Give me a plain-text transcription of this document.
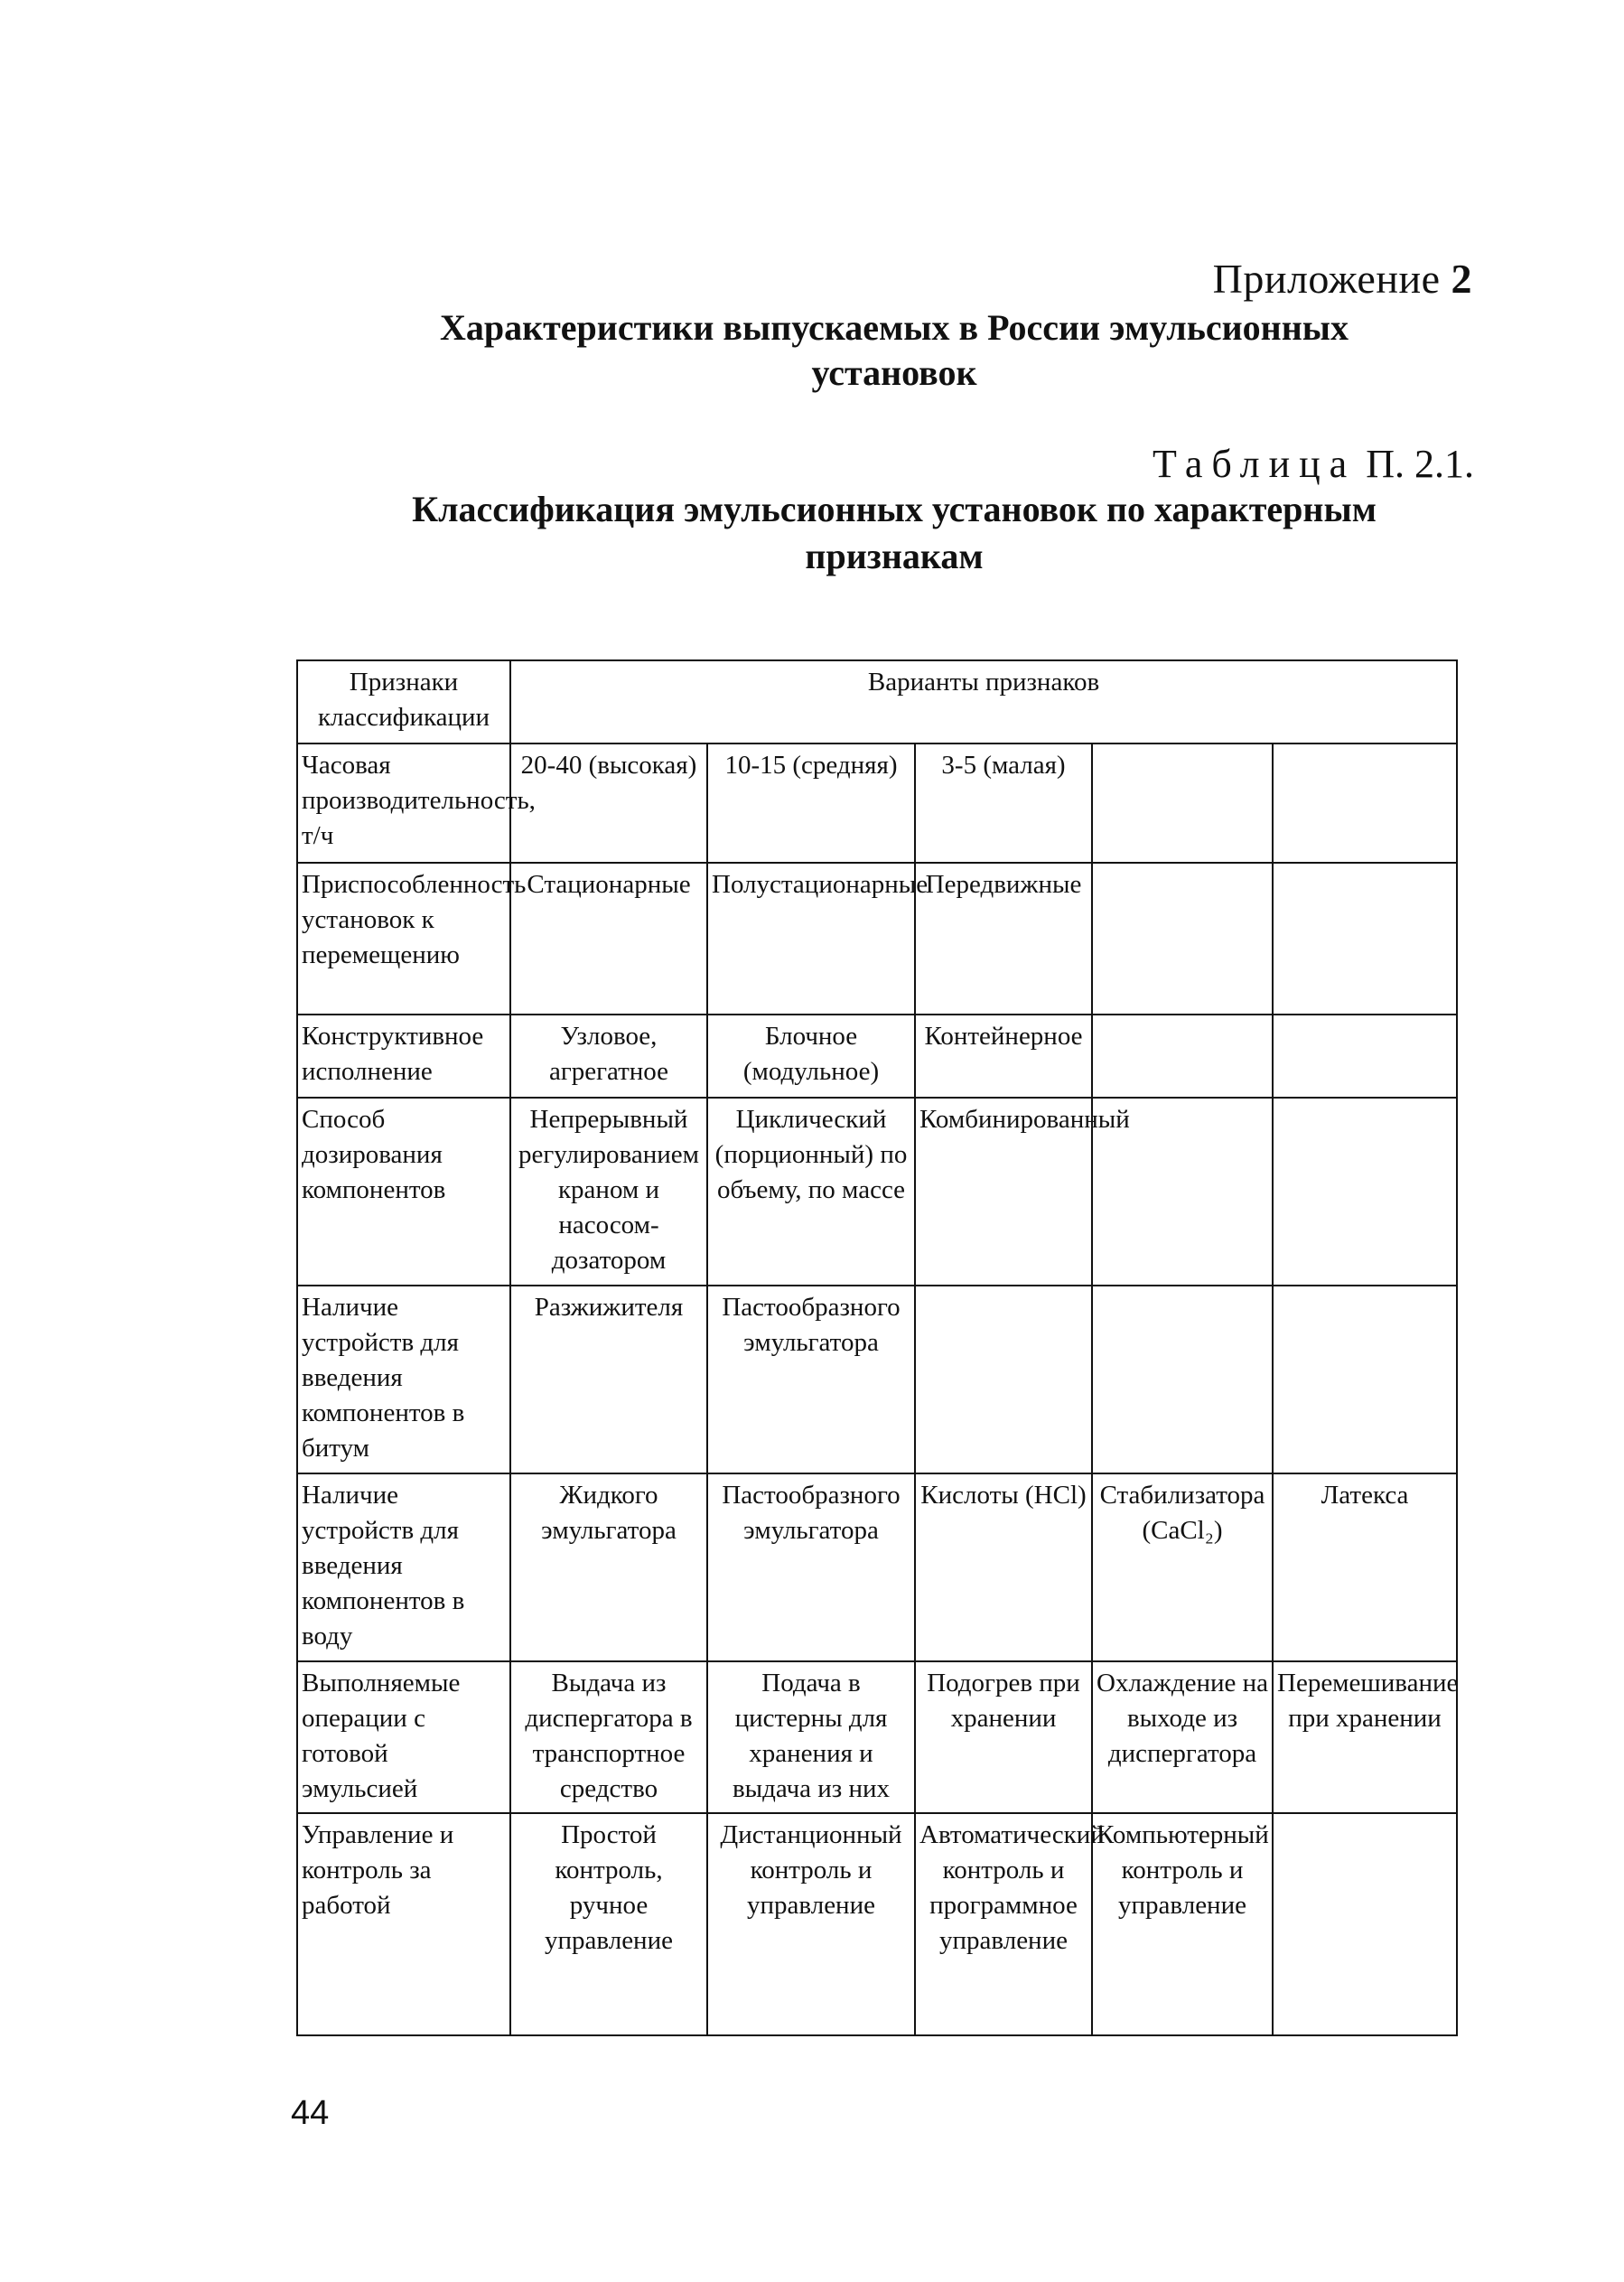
Приложение 2
Характеристики выпускаемых в России эмульсионных
установок
Таблица П. 2.1.
Классификация эмульсионных установок по характерным
признакам
Признаки классификации	Варианты признаков				
Часовая производительность, т/ч	20-40 (высокая)	10-15 (средняя)	3-5 (малая)		
Приспособленность установок к перемещению	Стационарные	Полустационарные	Передвижные		
Конструктивное исполнение	Узловое, агрегатное	Блочное (модульное)	Контейнерное		
Способ дозирования компонентов	Непрерывный регулированием краном и насосом-дозатором	Циклический (порционный) по объему, по массе	Комбинированный		
Наличие устройств для введения компонентов в битум	Разжижителя	Пастообразного эмульгатора			
Наличие устройств для введения компонентов в воду	Жидкого эмульгатора	Пастообразного эмульгатора	Кислоты (HCl)	Стабилизатора (CaCl₂)	Латекса
Выполняемые операции с готовой эмульсией	Выдача из диспергатора в транспортное средство	Подача в цистерны для хранения и выдача из них	Подогрев при хранении	Охлаждение на выходе из диспергатора	Перемешивание при хранении
Управление и контроль за работой	Простой контроль, ручное управление	Дистанционный контроль и управление	Автоматический контроль и программное управление	Компьютерный контроль и управление	
44
